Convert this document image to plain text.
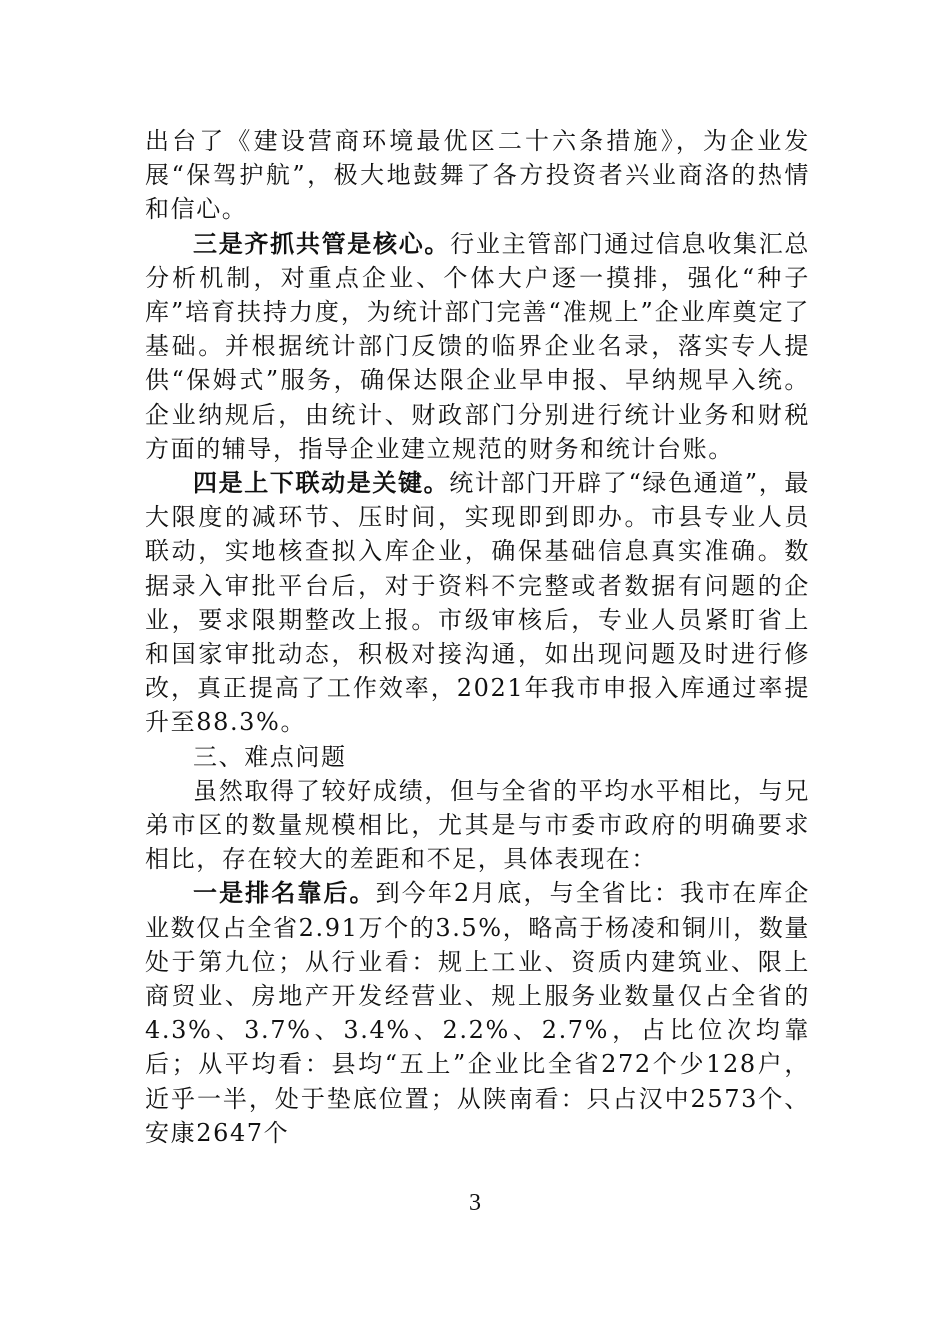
出台了《建设营商环境最优区二十六条措施》，为企业发展“保驾护航”，极大地鼓舞了各方投资者兴业商洛的热情和信心。

三是齐抓共管是核心。行业主管部门通过信息收集汇总分析机制，对重点企业、个体大户逐一摸排，强化“种子库”培育扶持力度，为统计部门完善“准规上”企业库奠定了基础。并根据统计部门反馈的临界企业名录，落实专人提供“保姆式”服务，确保达限企业早申报、早纳规早入统。企业纳规后，由统计、财政部门分别进行统计业务和财税方面的辅导，指导企业建立规范的财务和统计台账。

四是上下联动是关键。统计部门开辟了“绿色通道”，最大限度的减环节、压时间，实现即到即办。市县专业人员联动，实地核查拟入库企业，确保基础信息真实准确。数据录入审批平台后，对于资料不完整或者数据有问题的企业，要求限期整改上报。市级审核后，专业人员紧盯省上和国家审批动态，积极对接沟通，如出现问题及时进行修改，真正提高了工作效率，2021年我市申报入库通过率提升至88.3%。

三、难点问题

虽然取得了较好成绩，但与全省的平均水平相比，与兄弟市区的数量规模相比，尤其是与市委市政府的明确要求相比，存在较大的差距和不足，具体表现在：

一是排名靠后。到今年2月底，与全省比：我市在库企业数仅占全省2.91万个的3.5%，略高于杨凌和铜川，数量处于第九位；从行业看：规上工业、资质内建筑业、限上商贸业、房地产开发经营业、规上服务业数量仅占全省的4.3%、3.7%、3.4%、2.2%、2.7%，占比位次均靠后；从平均看：县均“五上”企业比全省272个少128户，近乎一半，处于垫底位置；从陕南看：只占汉中2573个、安康2647个

3
